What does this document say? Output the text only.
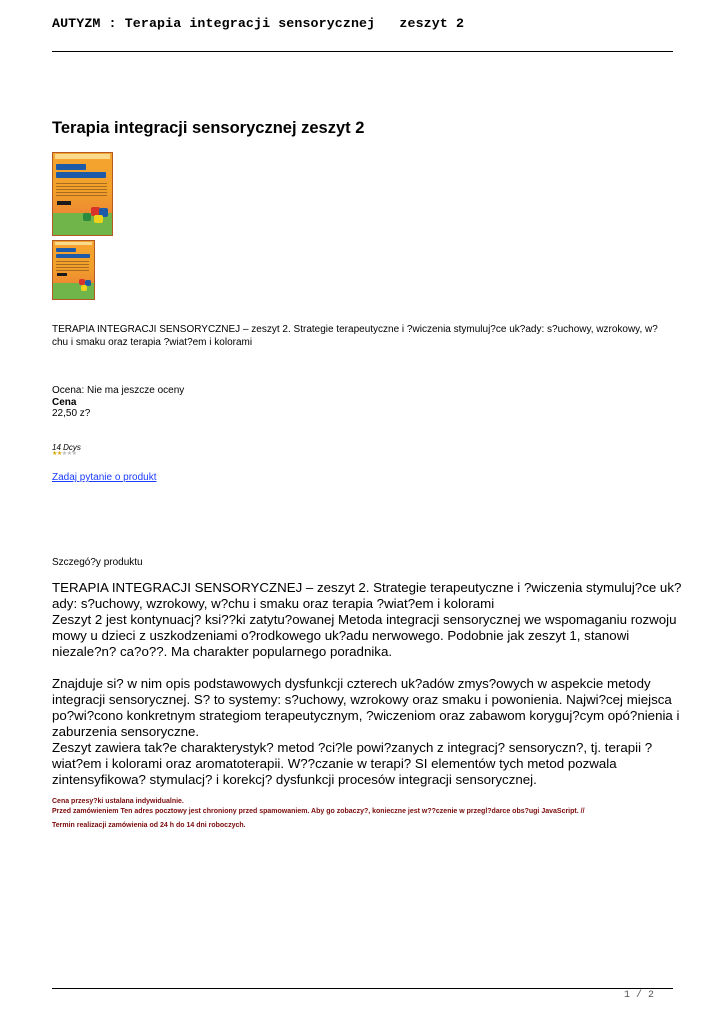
AUTYZM : Terapia integracji sensorycznej   zeszyt 2
Terapia integracji sensorycznej zeszyt 2
TERAPIA INTEGRACJI SENSORYCZNEJ – zeszyt 2. Strategie terapeutyczne i ?wiczenia stymuluj?ce uk?ady: s?uchowy, wzrokowy, w?chu i smaku oraz terapia ?wiat?em i kolorami
Ocena: Nie ma jeszcze oceny
Cena
22,50 z?
14 Dcys
★★★★★
Zadaj pytanie o produkt
Szczegó?y produktu

TERAPIA INTEGRACJI SENSORYCZNEJ – zeszyt 2. Strategie terapeutyczne i ?wiczenia stymuluj?ce uk?ady: s?uchowy, wzrokowy, w?chu i smaku oraz terapia ?wiat?em i kolorami

Zeszyt 2 jest kontynuacj? ksi??ki zatytu?owanej Metoda integracji sensorycznej we wspomaganiu rozwoju mowy u dzieci z uszkodzeniami o?rodkowego uk?adu nerwowego. Podobnie jak zeszyt 1, stanowi niezale?n? ca?o??. Ma charakter popularnego poradnika.

Znajduje si? w nim opis podstawowych dysfunkcji czterech uk?adów zmys?owych w aspekcie metody integracji sensorycznej. S? to systemy: s?uchowy, wzrokowy oraz smaku i powonienia. Najwi?cej miejsca po?wi?cono konkretnym strategiom terapeutycznym, ?wiczeniom oraz zabawom koryguj?cym opó?nienia i zaburzenia sensoryczne.

Zeszyt zawiera tak?e charakterystyk? metod ?ci?le powi?zanych z integracj? sensoryczn?, tj. terapii ?wiat?em i kolorami oraz aromatoterapii. W??czanie w terapi? SI elementów tych metod pozwala zintensyfikowa? stymulacj? i korekcj? dysfunkcji procesów integracji sensorycznej.

Cena przesy?ki ustalana indywidualnie.

Przed zamówieniem Ten adres pocztowy jest chroniony przed spamowaniem. Aby go zobaczy?, konieczne jest w??czenie w przegl?darce obs?ugi JavaScript. //

Termin realizacji zamówienia od 24 h do 14 dni roboczych.

1 / 2
